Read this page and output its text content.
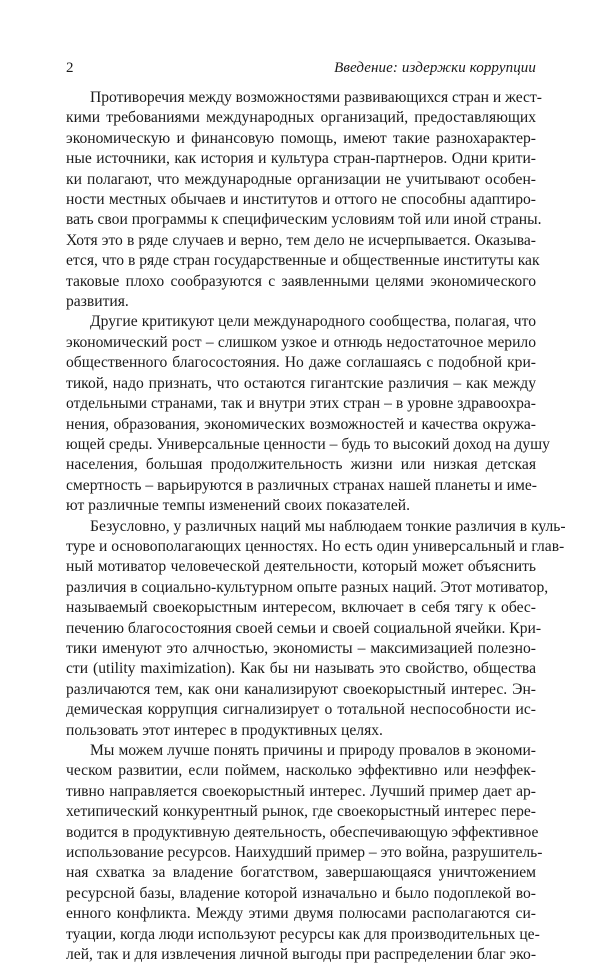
2	Введение: издержки коррупции

Противоречия между возможностями развивающихся стран и жест-
кими требованиями международных организаций, предоставляющих
экономическую и финансовую помощь, имеют такие разнохарактер-
ные источники, как история и культура стран-партнеров. Одни крити-
ки полагают, что международные организации не учитывают особен-
ности местных обычаев и институтов и оттого не способны адаптиро-
вать свои программы к специфическим условиям той или иной страны.
Хотя это в ряде случаев и верно, тем дело не исчерпывается. Оказыва-
ется, что в ряде стран государственные и общественные институты как
таковые плохо сообразуются с заявленными целями экономического
развития.

Другие критикуют цели международного сообщества, полагая, что
экономический рост – слишком узкое и отнюдь недостаточное мерило
общественного благосостояния. Но даже соглашаясь с подобной кри-
тикой, надо признать, что остаются гигантские различия – как между
отдельными странами, так и внутри этих стран – в уровне здравоохра-
нения, образования, экономических возможностей и качества окружа-
ющей среды. Универсальные ценности – будь то высокий доход на душу
населения, большая продолжительность жизни или низкая детская
смертность – варьируются в различных странах нашей планеты и име-
ют различные темпы изменений своих показателей.

Безусловно, у различных наций мы наблюдаем тонкие различия в куль-
туре и основополагающих ценностях. Но есть один универсальный и глав-
ный мотиватор человеческой деятельности, который может объяснить
различия в социально-культурном опыте разных наций. Этот мотиватор,
называемый своекорыстным интересом, включает в себя тягу к обес-
печению благосостояния своей семьи и своей социальной ячейки. Кри-
тики именуют это алчностью, экономисты – максимизацией полезно-
сти (utility maximization). Как бы ни называть это свойство, общества
различаются тем, как они канализируют своекорыстный интерес. Эн-
демическая коррупция сигнализирует о тотальной неспособности ис-
пользовать этот интерес в продуктивных целях.

Мы можем лучше понять причины и природу провалов в экономи-
ческом развитии, если поймем, насколько эффективно или неэффек-
тивно направляется своекорыстный интерес. Лучший пример дает ар-
хетипический конкурентный рынок, где своекорыстный интерес пере-
водится в продуктивную деятельность, обеспечивающую эффективное
использование ресурсов. Наихудший пример – это война, разрушитель-
ная схватка за владение богатством, завершающаяся уничтожением
ресурсной базы, владение которой изначально и было подоплекой во-
енного конфликта. Между этими двумя полюсами располагаются си-
туации, когда люди используют ресурсы как для производительных це-
лей, так и для извлечения личной выгоды при распределении благ эко-
